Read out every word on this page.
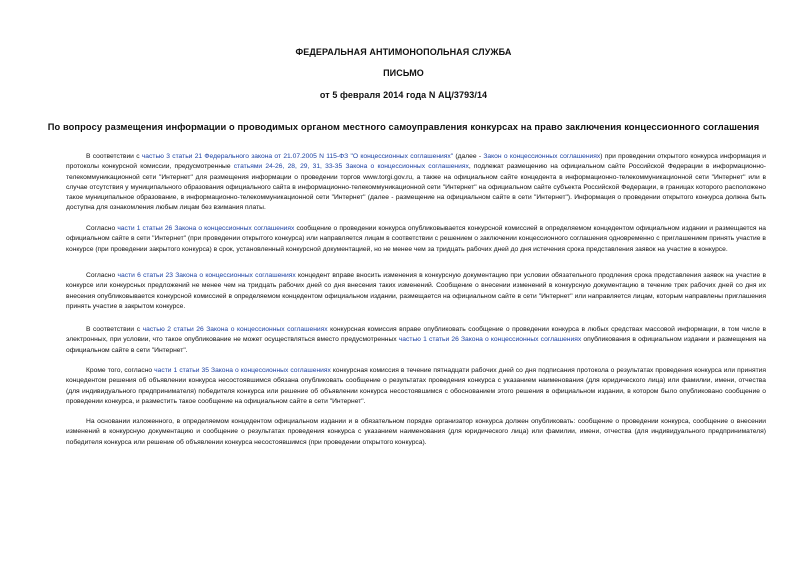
ФЕДЕРАЛЬНАЯ АНТИМОНОПОЛЬНАЯ СЛУЖБА
ПИСЬМО
от 5 февраля 2014 года N АЦ/3793/14
По вопросу размещения информации о проводимых органом местного самоуправления конкурсах на право заключения концессионного соглашения
В соответствии с частью 3 статьи 21 Федерального закона от 21.07.2005 N 115-ФЗ "О концессионных соглашениях" (далее - Закон о концессионных соглашениях) при проведении открытого конкурса информация и протоколы конкурсной комиссии, предусмотренные статьями 24-26, 28, 29, 31, 33-35 Закона о концессионных соглашениях, подлежат размещению на официальном сайте Российской Федерации в информационно-телекоммуникационной сети "Интернет" для размещения информации о проведении торгов www.torgi.gov.ru, а также на официальном сайте концедента в информационно-телекоммуникационной сети "Интернет" или в случае отсутствия у муниципального образования официального сайта в информационно-телекоммуникационной сети "Интернет" на официальном сайте субъекта Российской Федерации, в границах которого расположено такое муниципальное образование, в информационно-телекоммуникационной сети "Интернет" (далее - размещение на официальном сайте в сети "Интернет"). Информация о проведении открытого конкурса должна быть доступна для ознакомления любым лицам без взимания платы.
Согласно части 1 статьи 26 Закона о концессионных соглашениях сообщение о проведении конкурса опубликовывается конкурсной комиссией в определяемом концедентом официальном издании и размещается на официальном сайте в сети "Интернет" (при проведении открытого конкурса) или направляется лицам в соответствии с решением о заключении концессионного соглашения одновременно с приглашением принять участие в конкурсе (при проведении закрытого конкурса) в срок, установленный конкурсной документацией, но не менее чем за тридцать рабочих дней до дня истечения срока представления заявок на участие в конкурсе.
Согласно части 6 статьи 23 Закона о концессионных соглашениях концедент вправе вносить изменения в конкурсную документацию при условии обязательного продления срока представления заявок на участие в конкурсе или конкурсных предложений не менее чем на тридцать рабочих дней со дня внесения таких изменений. Сообщение о внесении изменений в конкурсную документацию в течение трех рабочих дней со дня их внесения опубликовывается конкурсной комиссией в определяемом концедентом официальном издании, размещается на официальном сайте в сети "Интернет" или направляется лицам, которым направлены приглашения принять участие в закрытом конкурсе.
В соответствии с частью 2 статьи 26 Закона о концессионных соглашениях конкурсная комиссия вправе опубликовать сообщение о проведении конкурса в любых средствах массовой информации, в том числе в электронных, при условии, что такое опубликование не может осуществляться вместо предусмотренных частью 1 статьи 26 Закона о концессионных соглашениях опубликования в официальном издании и размещения на официальном сайте в сети "Интернет".
Кроме того, согласно части 1 статьи 35 Закона о концессионных соглашениях конкурсная комиссия в течение пятнадцати рабочих дней со дня подписания протокола о результатах проведения конкурса или принятия концедентом решения об объявлении конкурса несостоявшимся обязана опубликовать сообщение о результатах проведения конкурса с указанием наименования (для юридического лица) или фамилии, имени, отчества (для индивидуального предпринимателя) победителя конкурса или решение об объявлении конкурса несостоявшимся с обоснованием этого решения в официальном издании, в котором было опубликовано сообщение о проведении конкурса, и разместить такое сообщение на официальном сайте в сети "Интернет".
На основании изложенного, в определяемом концедентом официальном издании и в обязательном порядке организатор конкурса должен опубликовать: сообщение о проведении конкурса, сообщение о внесении изменений в конкурсную документацию и сообщение о результатах проведения конкурса с указанием наименования (для юридического лица) или фамилии, имени, отчества (для индивидуального предпринимателя) победителя конкурса или решение об объявлении конкурса несостоявшимся (при проведении открытого конкурса).
